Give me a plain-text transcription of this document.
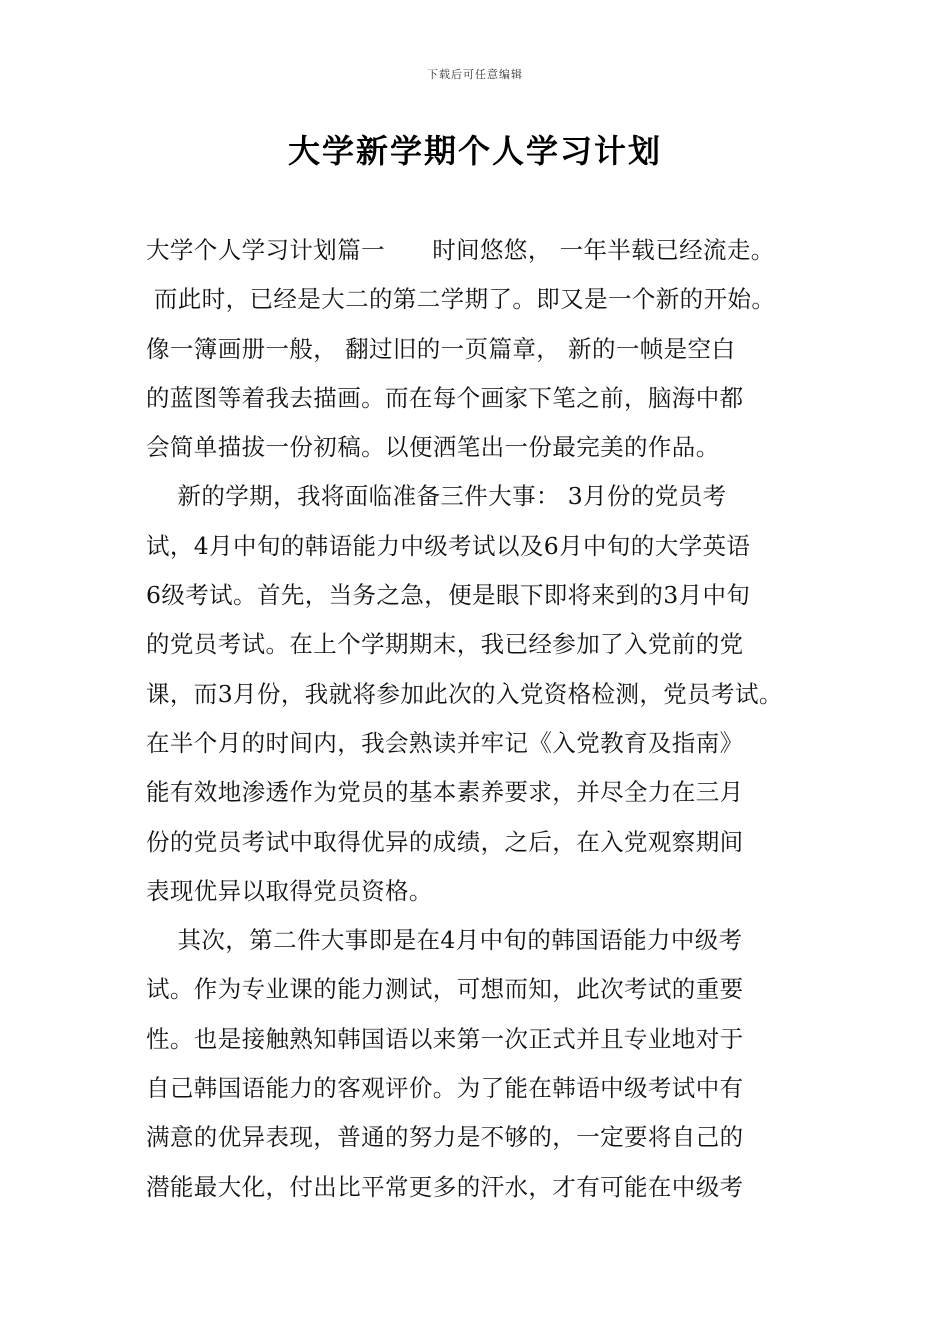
下载后可任意编辑
大学新学期个人学习计划
大学个人学习计划篇一      时间悠悠， 一年半载已经流走。
而此时，已经是大二的第二学期了。即又是一个新的开始。
像一簿画册一般， 翻过旧的一页篇章， 新的一帧是空白
的蓝图等着我去描画。而在每个画家下笔之前，脑海中都
会简单描拔一份初稿。以便洒笔出一份最完美的作品。
新的学期，我将面临准备三件大事： 3月份的党员考
试，4月中旬的韩语能力中级考试以及6月中旬的大学英语
6级考试。首先，当务之急，便是眼下即将来到的3月中旬
的党员考试。在上个学期期末，我已经参加了入党前的党
课，而3月份，我就将参加此次的入党资格检测，党员考试。
在半个月的时间内，我会熟读并牢记《入党教育及指南》
能有效地渗透作为党员的基本素养要求，并尽全力在三月
份的党员考试中取得优异的成绩，之后，在入党观察期间
表现优异以取得党员资格。
其次，第二件大事即是在4月中旬的韩国语能力中级考
试。作为专业课的能力测试，可想而知，此次考试的重要
性。也是接触熟知韩国语以来第一次正式并且专业地对于
自己韩国语能力的客观评价。为了能在韩语中级考试中有
满意的优异表现，普通的努力是不够的，一定要将自己的
潜能最大化，付出比平常更多的汗水，才有可能在中级考
